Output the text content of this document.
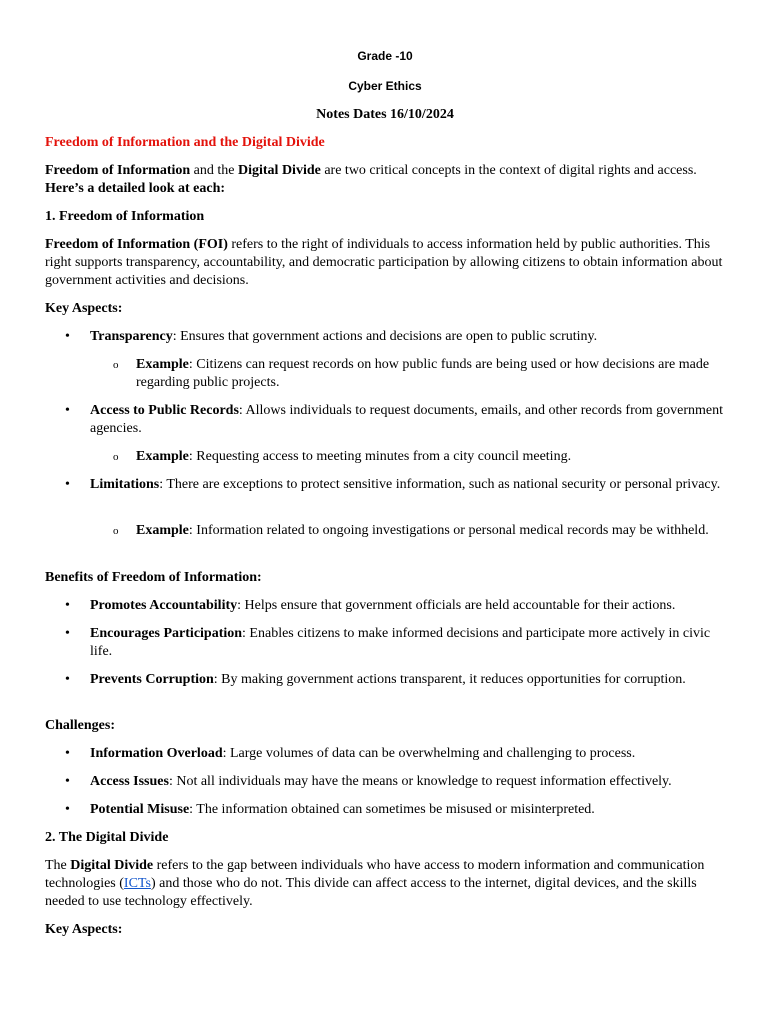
Grade -10
Cyber Ethics
Notes Dates 16/10/2024
Freedom of Information and the Digital Divide
Freedom of Information and the Digital Divide are two critical concepts in the context of digital rights and access. Here’s a detailed look at each:
1. Freedom of Information
Freedom of Information (FOI) refers to the right of individuals to access information held by public authorities. This right supports transparency, accountability, and democratic participation by allowing citizens to obtain information about government activities and decisions.
Key Aspects:
•	Transparency: Ensures that government actions and decisions are open to public scrutiny.
o Example: Citizens can request records on how public funds are being used or how decisions are made regarding public projects.
•	Access to Public Records: Allows individuals to request documents, emails, and other records from government agencies.
o Example: Requesting access to meeting minutes from a city council meeting.
•	Limitations: There are exceptions to protect sensitive information, such as national security or personal privacy.
o Example: Information related to ongoing investigations or personal medical records may be withheld.
Benefits of Freedom of Information:
•	Promotes Accountability: Helps ensure that government officials are held accountable for their actions.
•	Encourages Participation: Enables citizens to make informed decisions and participate more actively in civic life.
•	Prevents Corruption: By making government actions transparent, it reduces opportunities for corruption.
Challenges:
•	Information Overload: Large volumes of data can be overwhelming and challenging to process.
•	Access Issues: Not all individuals may have the means or knowledge to request information effectively.
•	Potential Misuse: The information obtained can sometimes be misused or misinterpreted.
2. The Digital Divide
The Digital Divide refers to the gap between individuals who have access to modern information and communication technologies (ICTs) and those who do not. This divide can affect access to the internet, digital devices, and the skills needed to use technology effectively.
Key Aspects:
